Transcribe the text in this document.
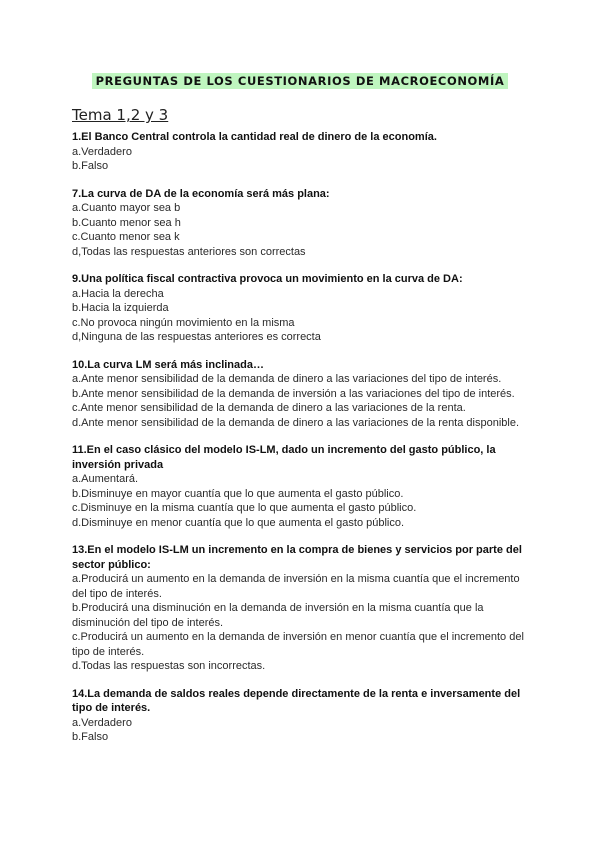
PREGUNTAS DE LOS CUESTIONARIOS DE MACROECONOMÍA
Tema 1,2 y 3
1.El Banco Central controla la cantidad real de dinero de la economía.
a.Verdadero
b.Falso
7.La curva de DA de la economía será más plana:
a.Cuanto mayor sea b
b.Cuanto menor sea h
c.Cuanto menor sea k
d,Todas las respuestas anteriores son correctas
9.Una política fiscal contractiva provoca un movimiento en la curva de DA:
a.Hacia la derecha
b.Hacia la izquierda
c.No provoca ningún movimiento en la misma
d,Ninguna de las respuestas anteriores es correcta
10.La curva LM será más inclinada…
a.Ante menor sensibilidad de la demanda de dinero a las variaciones del tipo de interés.
b.Ante menor sensibilidad de la demanda de inversión a las variaciones del tipo de interés.
c.Ante menor sensibilidad de la demanda de dinero a las variaciones de la renta.
d.Ante menor sensibilidad de la demanda de dinero a las variaciones de la renta disponible.
11.En el caso clásico del modelo IS-LM, dado un incremento del gasto público, la inversión privada
a.Aumentará.
b.Disminuye en mayor cuantía que lo que aumenta el gasto público.
c.Disminuye en la misma cuantía que lo que aumenta el gasto público.
d.Disminuye en menor cuantía que lo que aumenta el gasto público.
13.En el modelo IS-LM un incremento en la compra de bienes y servicios por parte del sector público:
a.Producirá un aumento en la demanda de inversión en la misma cuantía que el incremento del tipo de interés.
b.Producirá una disminución en la demanda de inversión en la misma cuantía que la disminución del tipo de interés.
c.Producirá un aumento en la demanda de inversión en menor cuantía que el incremento del tipo de interés.
d.Todas las respuestas son incorrectas.
14.La demanda de saldos reales depende directamente de la renta e inversamente del tipo de interés.
a.Verdadero
b.Falso
